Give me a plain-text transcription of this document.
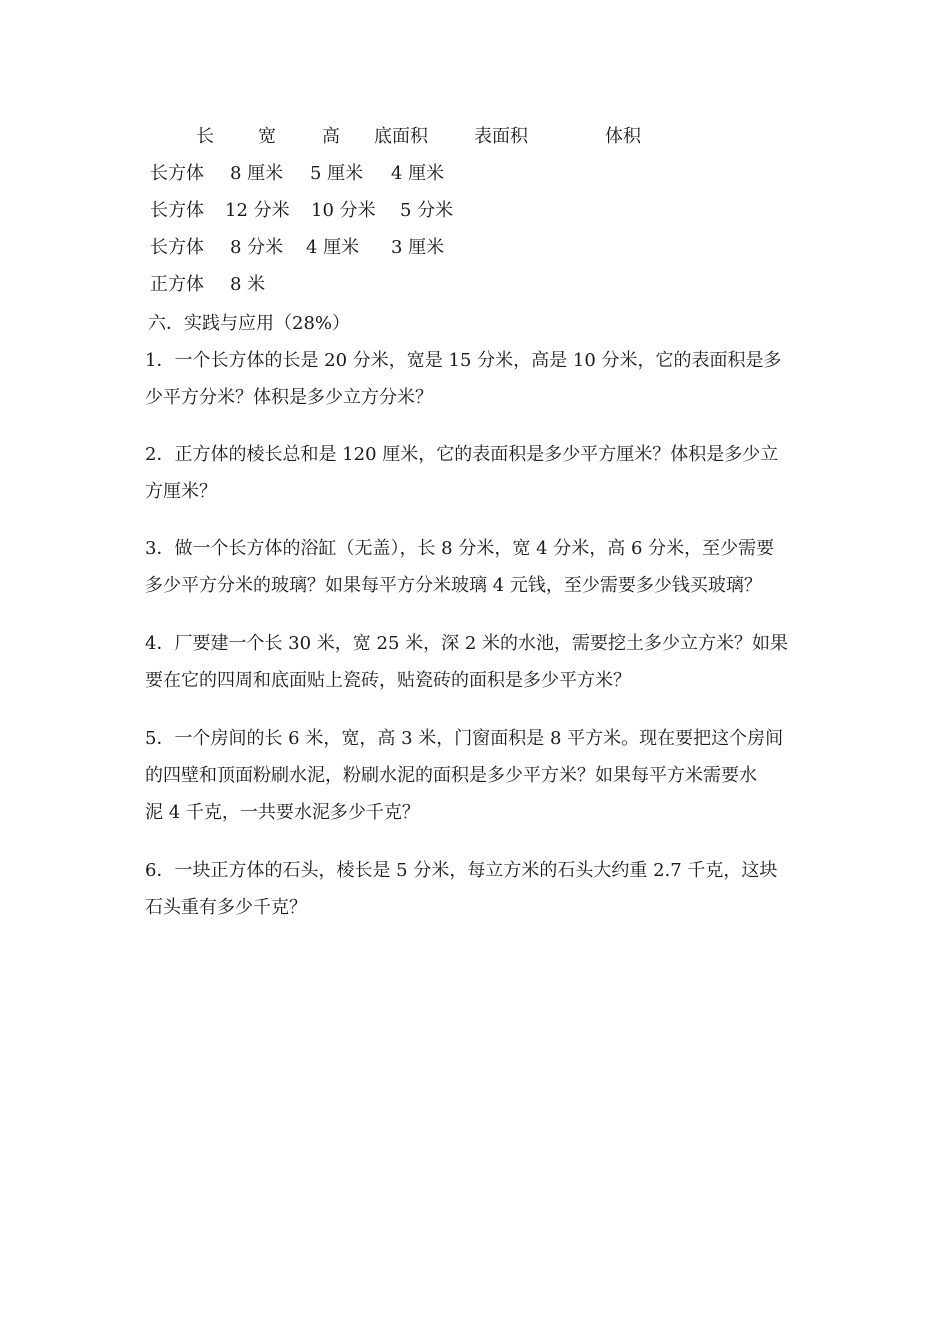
长 宽	高 底面积	表面积	体积
长方体 8 厘米 5 厘米 4 厘米
长方体 12 分米 10 分米 5 分米
长方体 8 分米 4 厘米 3 厘米
正方体 8 米
六．实践与应用（28%）
1．一个长方体的长是 20 分米，宽是 15 分米，高是 10 分米，它的表面积是多
少平方分米？体积是多少立方分米？
2．正方体的棱长总和是 120 厘米，它的表面积是多少平方厘米？体积是多少立
方厘米？
3．做一个长方体的浴缸（无盖），长 8 分米，宽 4 分米，高 6 分米，至少需要
多少平方分米的玻璃？如果每平方分米玻璃 4 元钱，至少需要多少钱买玻璃？
4．厂要建一个长 30 米，宽 25 米，深 2 米的水池，需要挖土多少立方米？如果
要在它的四周和底面贴上瓷砖，贴瓷砖的面积是多少平方米？
5．一个房间的长 6 米，宽，高 3 米，门窗面积是 8 平方米。现在要把这个房间
的四壁和顶面粉刷水泥，粉刷水泥的面积是多少平方米？如果每平方米需要水
泥 4 千克，一共要水泥多少千克？
6．一块正方体的石头，棱长是 5 分米，每立方米的石头大约重 2.7 千克，这块
石头重有多少千克？
